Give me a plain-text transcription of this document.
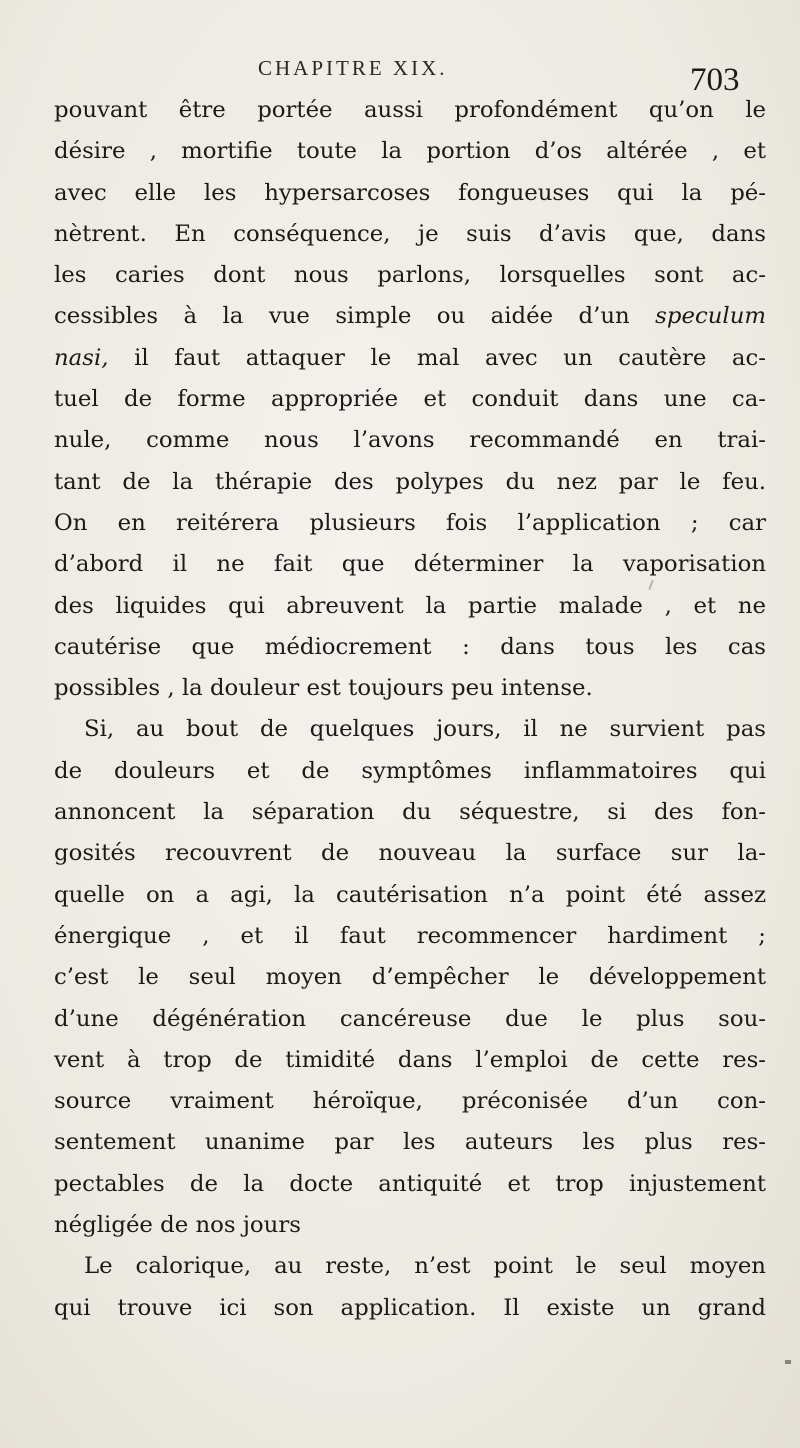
CHAPITRE XIX.	703
pouvant être portée aussi profondément qu’on le
désire , mortifie toute la portion d’os altérée , et
avec elle les hypersarcoses fongueuses qui la pé-
nètrent. En conséquence, je suis d’avis que, dans
les caries dont nous parlons, lorsquelles sont ac-
cessibles à la vue simple ou aidée d’un speculum
nasi, il faut attaquer le mal avec un cautère ac-
tuel de forme appropriée et conduit dans une ca-
nule, comme nous l’avons recommandé en trai-
tant de la thérapie des polypes du nez par le feu.
On en reitérera plusieurs fois l’application ; car
d’abord il ne fait que déterminer la vaporisation
des liquides qui abreuvent la partie malade , et ne
cautérise que médiocrement : dans tous les cas
possibles , la douleur est toujours peu intense.
Si, au bout de quelques jours, il ne survient pas
de douleurs et de symptômes inflammatoires qui
annoncent la séparation du séquestre, si des fon-
gosités recouvrent de nouveau la surface sur la-
quelle on a agi, la cautérisation n’a point été assez
énergique , et il faut recommencer hardiment ;
c’est le seul moyen d’empêcher le développement
d’une dégénération cancéreuse due le plus sou-
vent à trop de timidité dans l’emploi de cette res-
source vraiment héroïque, préconisée d’un con-
sentement unanime par les auteurs les plus res-
pectables de la docte antiquité et trop injustement
négligée de nos jours
Le calorique, au reste, n’est point le seul moyen
qui trouve ici son application. Il existe un grand
